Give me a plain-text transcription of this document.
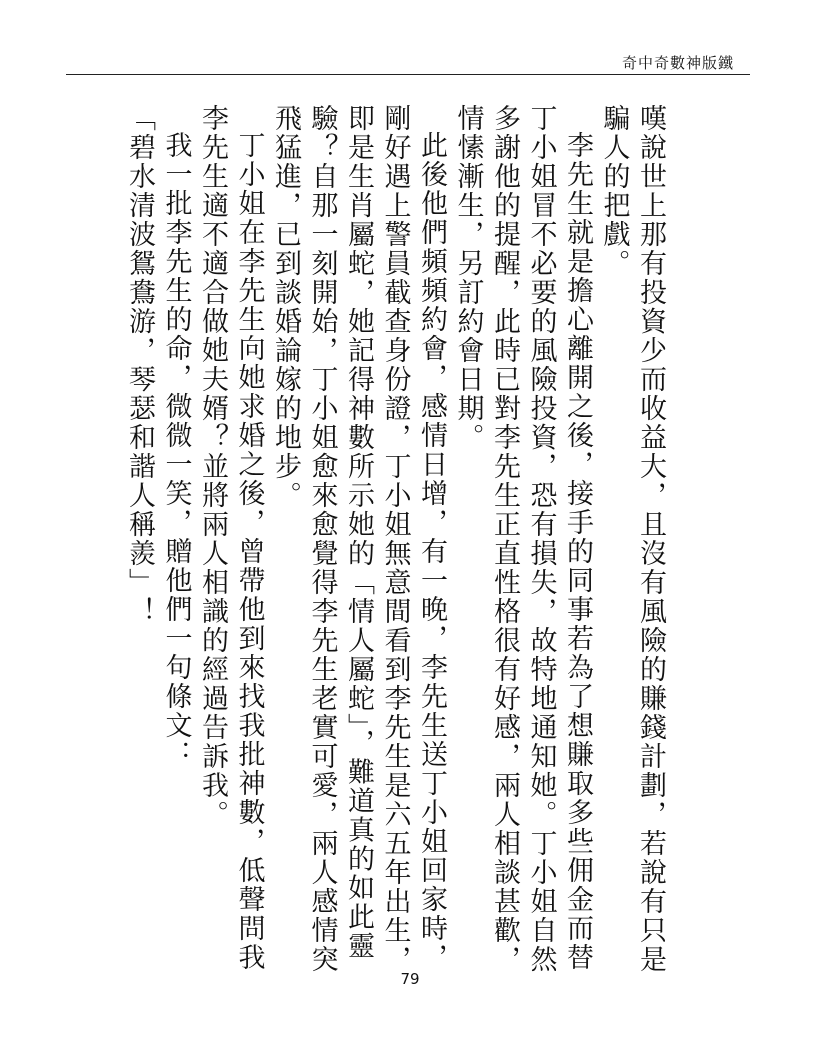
奇中奇數神版鐵

嘆說世上那有投資少而收益大，且沒有風險的賺錢計劃，若說有只是騙人的把戲。

李先生就是擔心離開之後，接手的同事若為了想賺取多些佣金而替丁小姐冒不必要的風險投資，恐有損失，故特地通知她。丁小姐自然多謝他的提醒，此時已對李先生正直性格很有好感，兩人相談甚歡，情愫漸生，另訂約會日期。

此後他們頻頻約會，感情日增，有一晚，李先生送丁小姐回家時，剛好遇上警員截查身份證，丁小姐無意間看到李先生是六五年出生，即是生肖屬蛇，她記得神數所示她的「情人屬蛇」，難道真的如此靈驗？自那一刻開始，丁小姐愈來愈覺得李先生老實可愛，兩人感情突飛猛進，已到談婚論嫁的地步。

丁小姐在李先生向她求婚之後，曾帶他到來找我批神數，低聲問我李先生適不適合做她夫婿？並將兩人相識的經過告訴我。

我一批李先生的命，微微一笑，贈他們一句條文：

「碧水清波鴛鴦游，琴瑟和諧人稱羨」！

79
